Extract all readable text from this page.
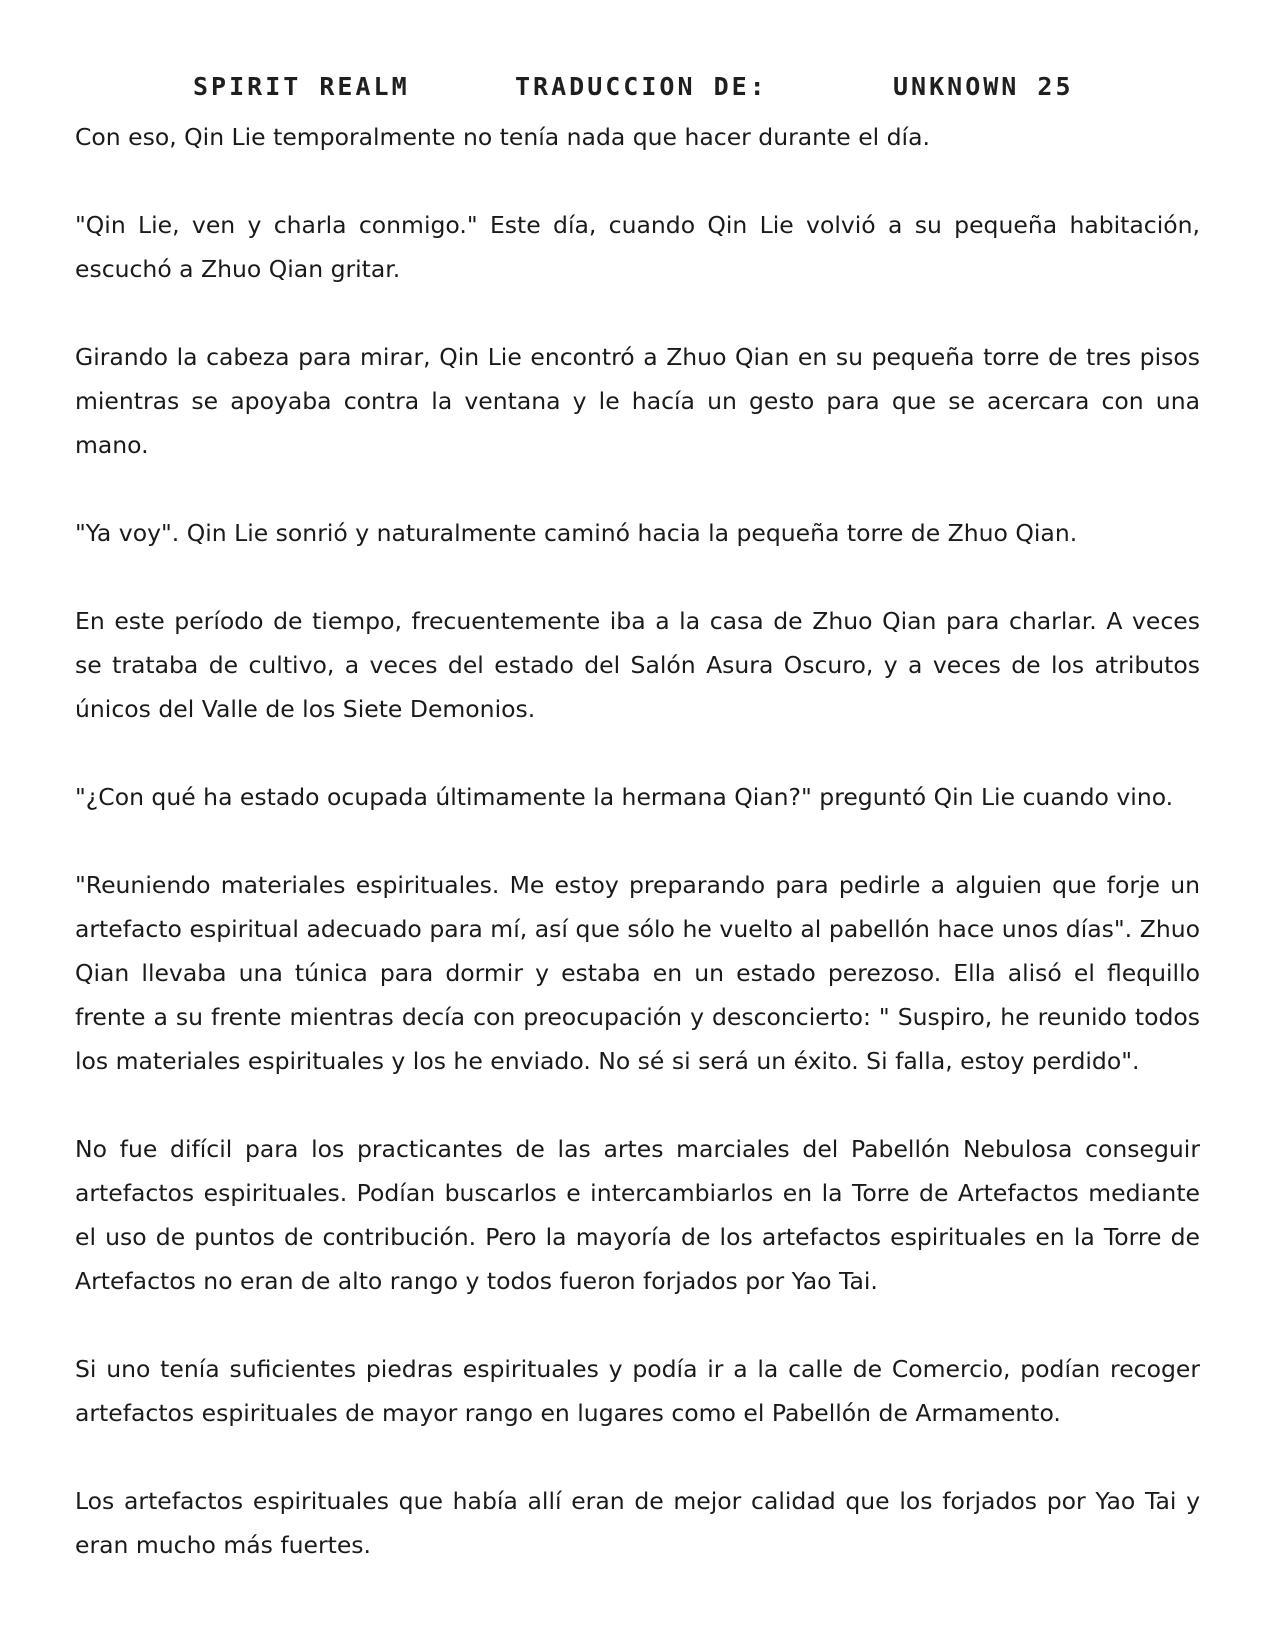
SPIRIT REALM	TRADUCCION DE:	UNKNOWN 25

Con eso, Qin Lie temporalmente no tenía nada que hacer durante el día.

"Qin Lie, ven y charla conmigo." Este día, cuando Qin Lie volvió a su pequeña habitación, escuchó a Zhuo Qian gritar.

Girando la cabeza para mirar, Qin Lie encontró a Zhuo Qian en su pequeña torre de tres pisos mientras se apoyaba contra la ventana y le hacía un gesto para que se acercara con una mano.

"Ya voy". Qin Lie sonrió y naturalmente caminó hacia la pequeña torre de Zhuo Qian.

En este período de tiempo, frecuentemente iba a la casa de Zhuo Qian para charlar. A veces se trataba de cultivo, a veces del estado del Salón Asura Oscuro, y a veces de los atributos únicos del Valle de los Siete Demonios.

"¿Con qué ha estado ocupada últimamente la hermana Qian?" preguntó Qin Lie cuando vino.

"Reuniendo materiales espirituales. Me estoy preparando para pedirle a alguien que forje un artefacto espiritual adecuado para mí, así que sólo he vuelto al pabellón hace unos días". Zhuo Qian llevaba una túnica para dormir y estaba en un estado perezoso. Ella alisó el flequillo frente a su frente mientras decía con preocupación y desconcierto: " Suspiro, he reunido todos los materiales espirituales y los he enviado. No sé si será un éxito. Si falla, estoy perdido".

No fue difícil para los practicantes de las artes marciales del Pabellón Nebulosa conseguir artefactos espirituales. Podían buscarlos e intercambiarlos en la Torre de Artefactos mediante el uso de puntos de contribución. Pero la mayoría de los artefactos espirituales en la Torre de Artefactos no eran de alto rango y todos fueron forjados por Yao Tai.

Si uno tenía suficientes piedras espirituales y podía ir a la calle de Comercio, podían recoger artefactos espirituales de mayor rango en lugares como el Pabellón de Armamento.

Los artefactos espirituales que había allí eran de mejor calidad que los forjados por Yao Tai y eran mucho más fuertes.
